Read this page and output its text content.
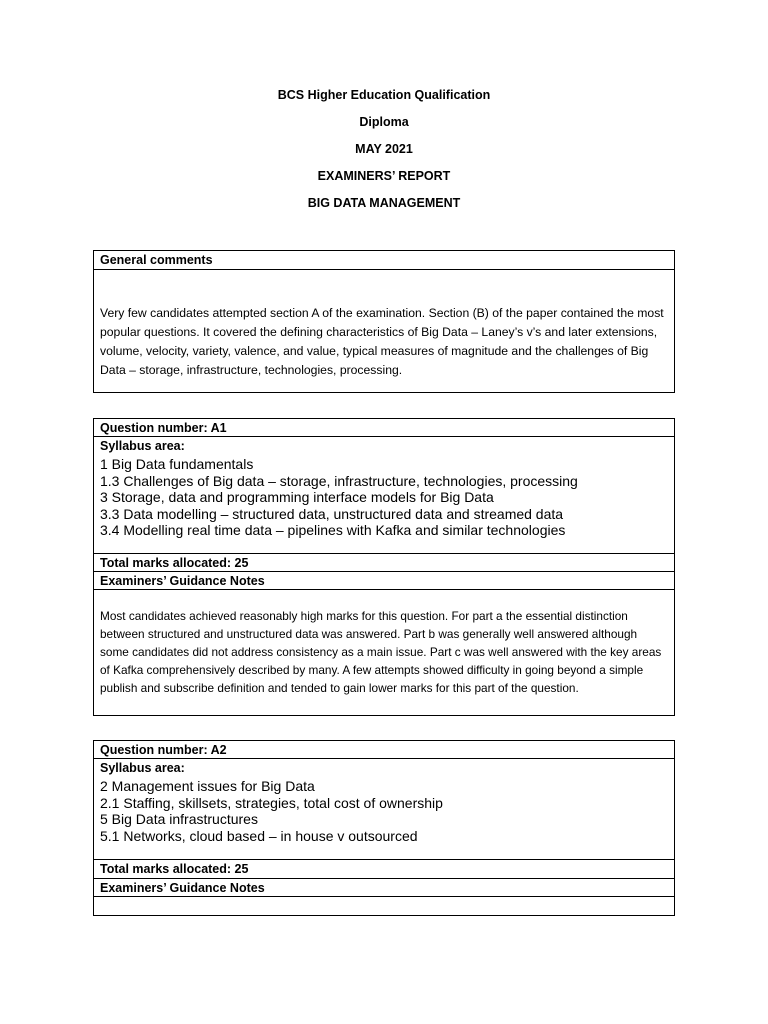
BCS Higher Education Qualification
Diploma
MAY 2021
EXAMINERS’ REPORT
BIG DATA MANAGEMENT
General comments
Very few candidates attempted section A of the examination. Section (B) of the paper contained the most popular questions. It covered the defining characteristics of Big Data – Laney’s v’s and later extensions, volume, velocity, variety, valence, and value, typical measures of magnitude and the challenges of Big Data – storage, infrastructure, technologies, processing.
Question number: A1
Syllabus area:
1 Big Data fundamentals
1.3 Challenges of Big data – storage, infrastructure, technologies, processing
3 Storage, data and programming interface models for Big Data
3.3 Data modelling – structured data, unstructured data and streamed data
3.4 Modelling real time data – pipelines with Kafka and similar technologies
Total marks allocated: 25
Examiners’ Guidance Notes
Most candidates achieved reasonably high marks for this question. For part a the essential distinction between structured and unstructured data was answered. Part b was generally well answered although some candidates did not address consistency as a main issue. Part c was well answered with the key areas of Kafka comprehensively described by many. A few attempts showed difficulty in going beyond a simple publish and subscribe definition and tended to gain lower marks for this part of the question.
Question number: A2
Syllabus area:
2 Management issues for Big Data
2.1 Staffing, skillsets, strategies, total cost of ownership
5 Big Data infrastructures
5.1 Networks, cloud based – in house v outsourced
Total marks allocated: 25
Examiners’ Guidance Notes
